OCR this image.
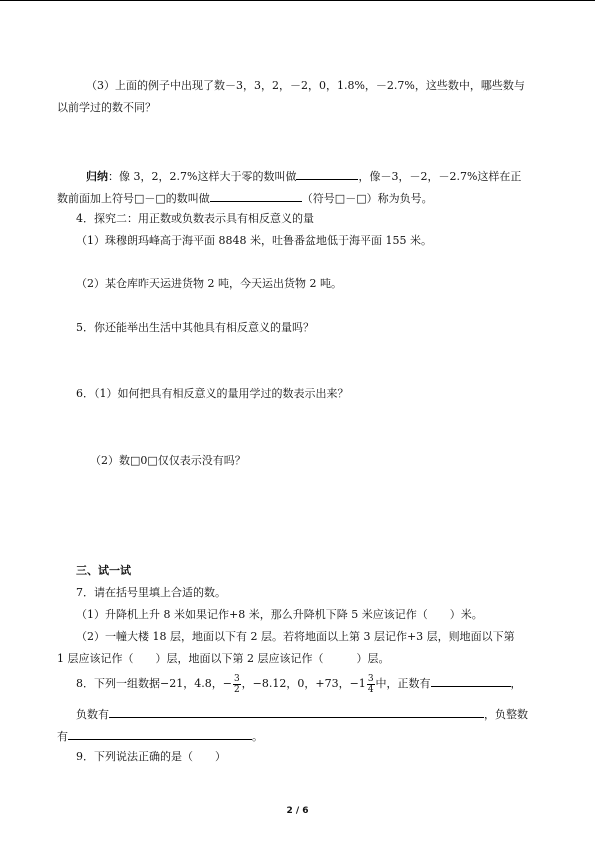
（3）上面的例子中出现了数－3，3，2，－2，0，1.8%，－2.7%，这些数中，哪些数与
以前学过的数不同？
归纳：像 3，2，2.7%这样大于零的数叫做	，像－3，－2，－2.7%这样在正
数前面加上符号□－□的数叫做	（符号□－□）称为负号。
4．探究二：用正数或负数表示具有相反意义的量
（1）珠穆朗玛峰高于海平面 8848 米，吐鲁番盆地低于海平面 155 米。
（2）某仓库昨天运进货物 2 吨，今天运出货物 2 吨。
5．你还能举出生活中其他具有相反意义的量吗？
6．（1）如何把具有相反意义的量用学过的数表示出来？
（2）数□0□仅仅表示没有吗？
三、试一试
7．请在括号里填上合适的数。
（1）升降机上升 8 米如果记作+8 米，那么升降机下降 5 米应该记作（　　）米。
（2）一幢大楼 18 层，地面以下有 2 层。若将地面以上第 3 层记作+3 层，则地面以下第
1 层应该记作（　　）层，地面以下第 2 层应该记作（　　　）层。
8．下列一组数据−21，4.8，− $\frac{3}{2}$ ，−8.12，0，+73，$-1 \frac{3}{4}$ 中，正数有	，
负数有	，负整数
有	。
9．下列说法正确的是（　　）
2 / 6
